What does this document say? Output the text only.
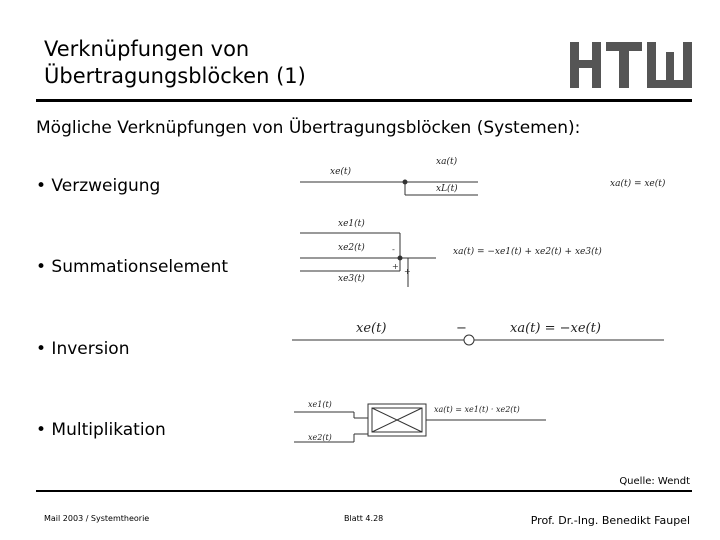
Verknüpfungen von
Übertragungsblöcken (1)
Mögliche Verknüpfungen von Übertragungsblöcken (Systemen):
• Verzweigung
• Summationselement
• Inversion
• Multiplikation
xe(t)
xa(t)
xL(t)	xa(t) = xe(t)
xe1(t)
xe2(t)
xe3(t)
-
+
+
xa(t) = −xe1(t) + xe2(t) + xe3(t)
xe(t)	−	xa(t) = −xe(t)
xe1(t)
xe2(t)
xa(t) = xe1(t) · xe2(t)
Quelle: Wendt
Mail 2003 / Systemtheorie	Blatt 4.28	Prof. Dr.-Ing. Benedikt Faupel
